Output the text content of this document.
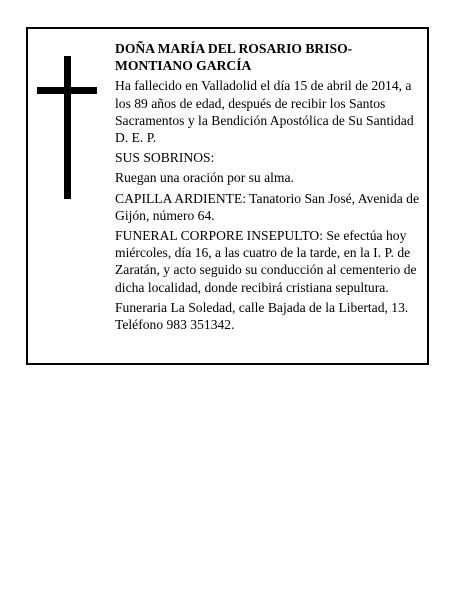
DOÑA MARÍA DEL ROSARIO BRISO-MONTIANO GARCÍA
Ha fallecido en Valladolid el día 15 de abril de 2014, a los 89 años de edad, después de recibir los Santos Sacramentos y la Bendición Apostólica de Su Santidad D. E. P.
SUS SOBRINOS:
Ruegan una oración por su alma.
CAPILLA ARDIENTE: Tanatorio San José, Avenida de Gijón, número 64.
FUNERAL CORPORE INSEPULTO: Se efectúa hoy miércoles, día 16, a las cuatro de la tarde, en la I. P. de Zaratán, y acto seguido su conducción al cementerio de dicha localidad, donde recibirá cristiana sepultura.
Funeraria La Soledad, calle Bajada de la Libertad, 13. Teléfono 983 351342.
